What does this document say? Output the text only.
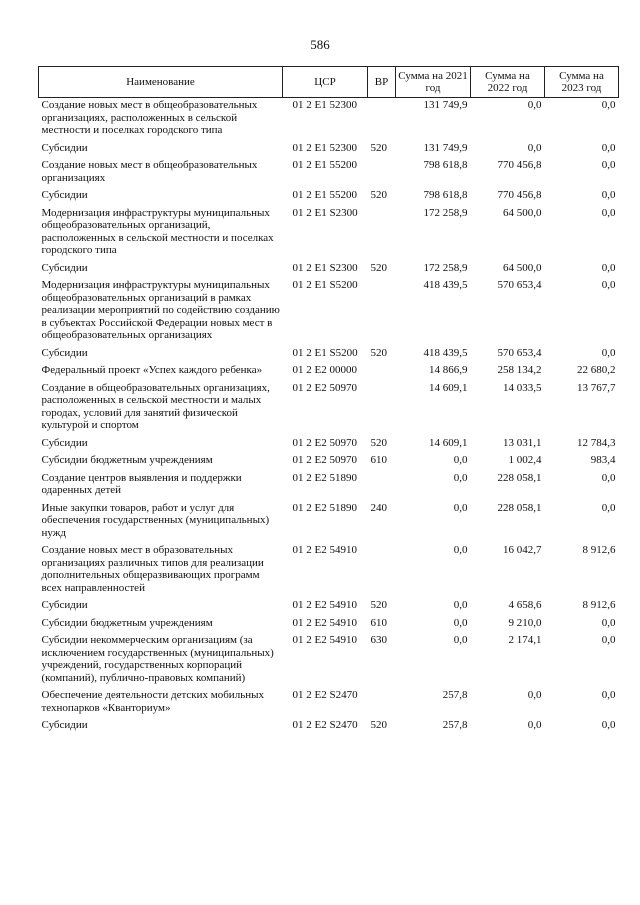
586
Наименование	ЦСР	ВР	Сумма на 2021 год	Сумма на 2022 год	Сумма на 2023 год
Создание новых мест в общеобразовательных организациях, расположенных в сельской местности и поселках городского типа	01 2 E1 52300		131 749,9	0,0	0,0
Субсидии	01 2 E1 52300	520	131 749,9	0,0	0,0
Создание новых мест в общеобразовательных организациях	01 2 E1 55200		798 618,8	770 456,8	0,0
Субсидии	01 2 E1 55200	520	798 618,8	770 456,8	0,0
Модернизация инфраструктуры муниципальных общеобразовательных организаций, расположенных в сельской местности и поселках городского типа	01 2 E1 S2300		172 258,9	64 500,0	0,0
Субсидии	01 2 E1 S2300	520	172 258,9	64 500,0	0,0
Модернизация инфраструктуры муниципальных общеобразовательных организаций в рамках реализации мероприятий по содействию созданию в субъектах Российской Федерации новых мест в общеобразовательных организациях	01 2 E1 S5200		418 439,5	570 653,4	0,0
Субсидии	01 2 E1 S5200	520	418 439,5	570 653,4	0,0
Федеральный проект «Успех каждого ребенка»	01 2 E2 00000		14 866,9	258 134,2	22 680,2
Создание в общеобразовательных организациях, расположенных в сельской местности и малых городах, условий для занятий физической культурой и спортом	01 2 E2 50970		14 609,1	14 033,5	13 767,7
Субсидии	01 2 E2 50970	520	14 609,1	13 031,1	12 784,3
Субсидии бюджетным учреждениям	01 2 E2 50970	610	0,0	1 002,4	983,4
Создание центров выявления и поддержки одаренных детей	01 2 E2 51890		0,0	228 058,1	0,0
Иные закупки товаров, работ и услуг для обеспечения государственных (муниципальных) нужд	01 2 E2 51890	240	0,0	228 058,1	0,0
Создание новых мест в образовательных организациях различных типов для реализации дополнительных общеразвивающих программ всех направленностей	01 2 E2 54910		0,0	16 042,7	8 912,6
Субсидии	01 2 E2 54910	520	0,0	4 658,6	8 912,6
Субсидии бюджетным учреждениям	01 2 E2 54910	610	0,0	9 210,0	0,0
Субсидии некоммерческим организациям (за исключением государственных (муниципальных) учреждений, государственных корпораций (компаний), публично-правовых компаний)	01 2 E2 54910	630	0,0	2 174,1	0,0
Обеспечение деятельности детских мобильных технопарков «Кванториум»	01 2 E2 S2470		257,8	0,0	0,0
Субсидии	01 2 E2 S2470	520	257,8	0,0	0,0
